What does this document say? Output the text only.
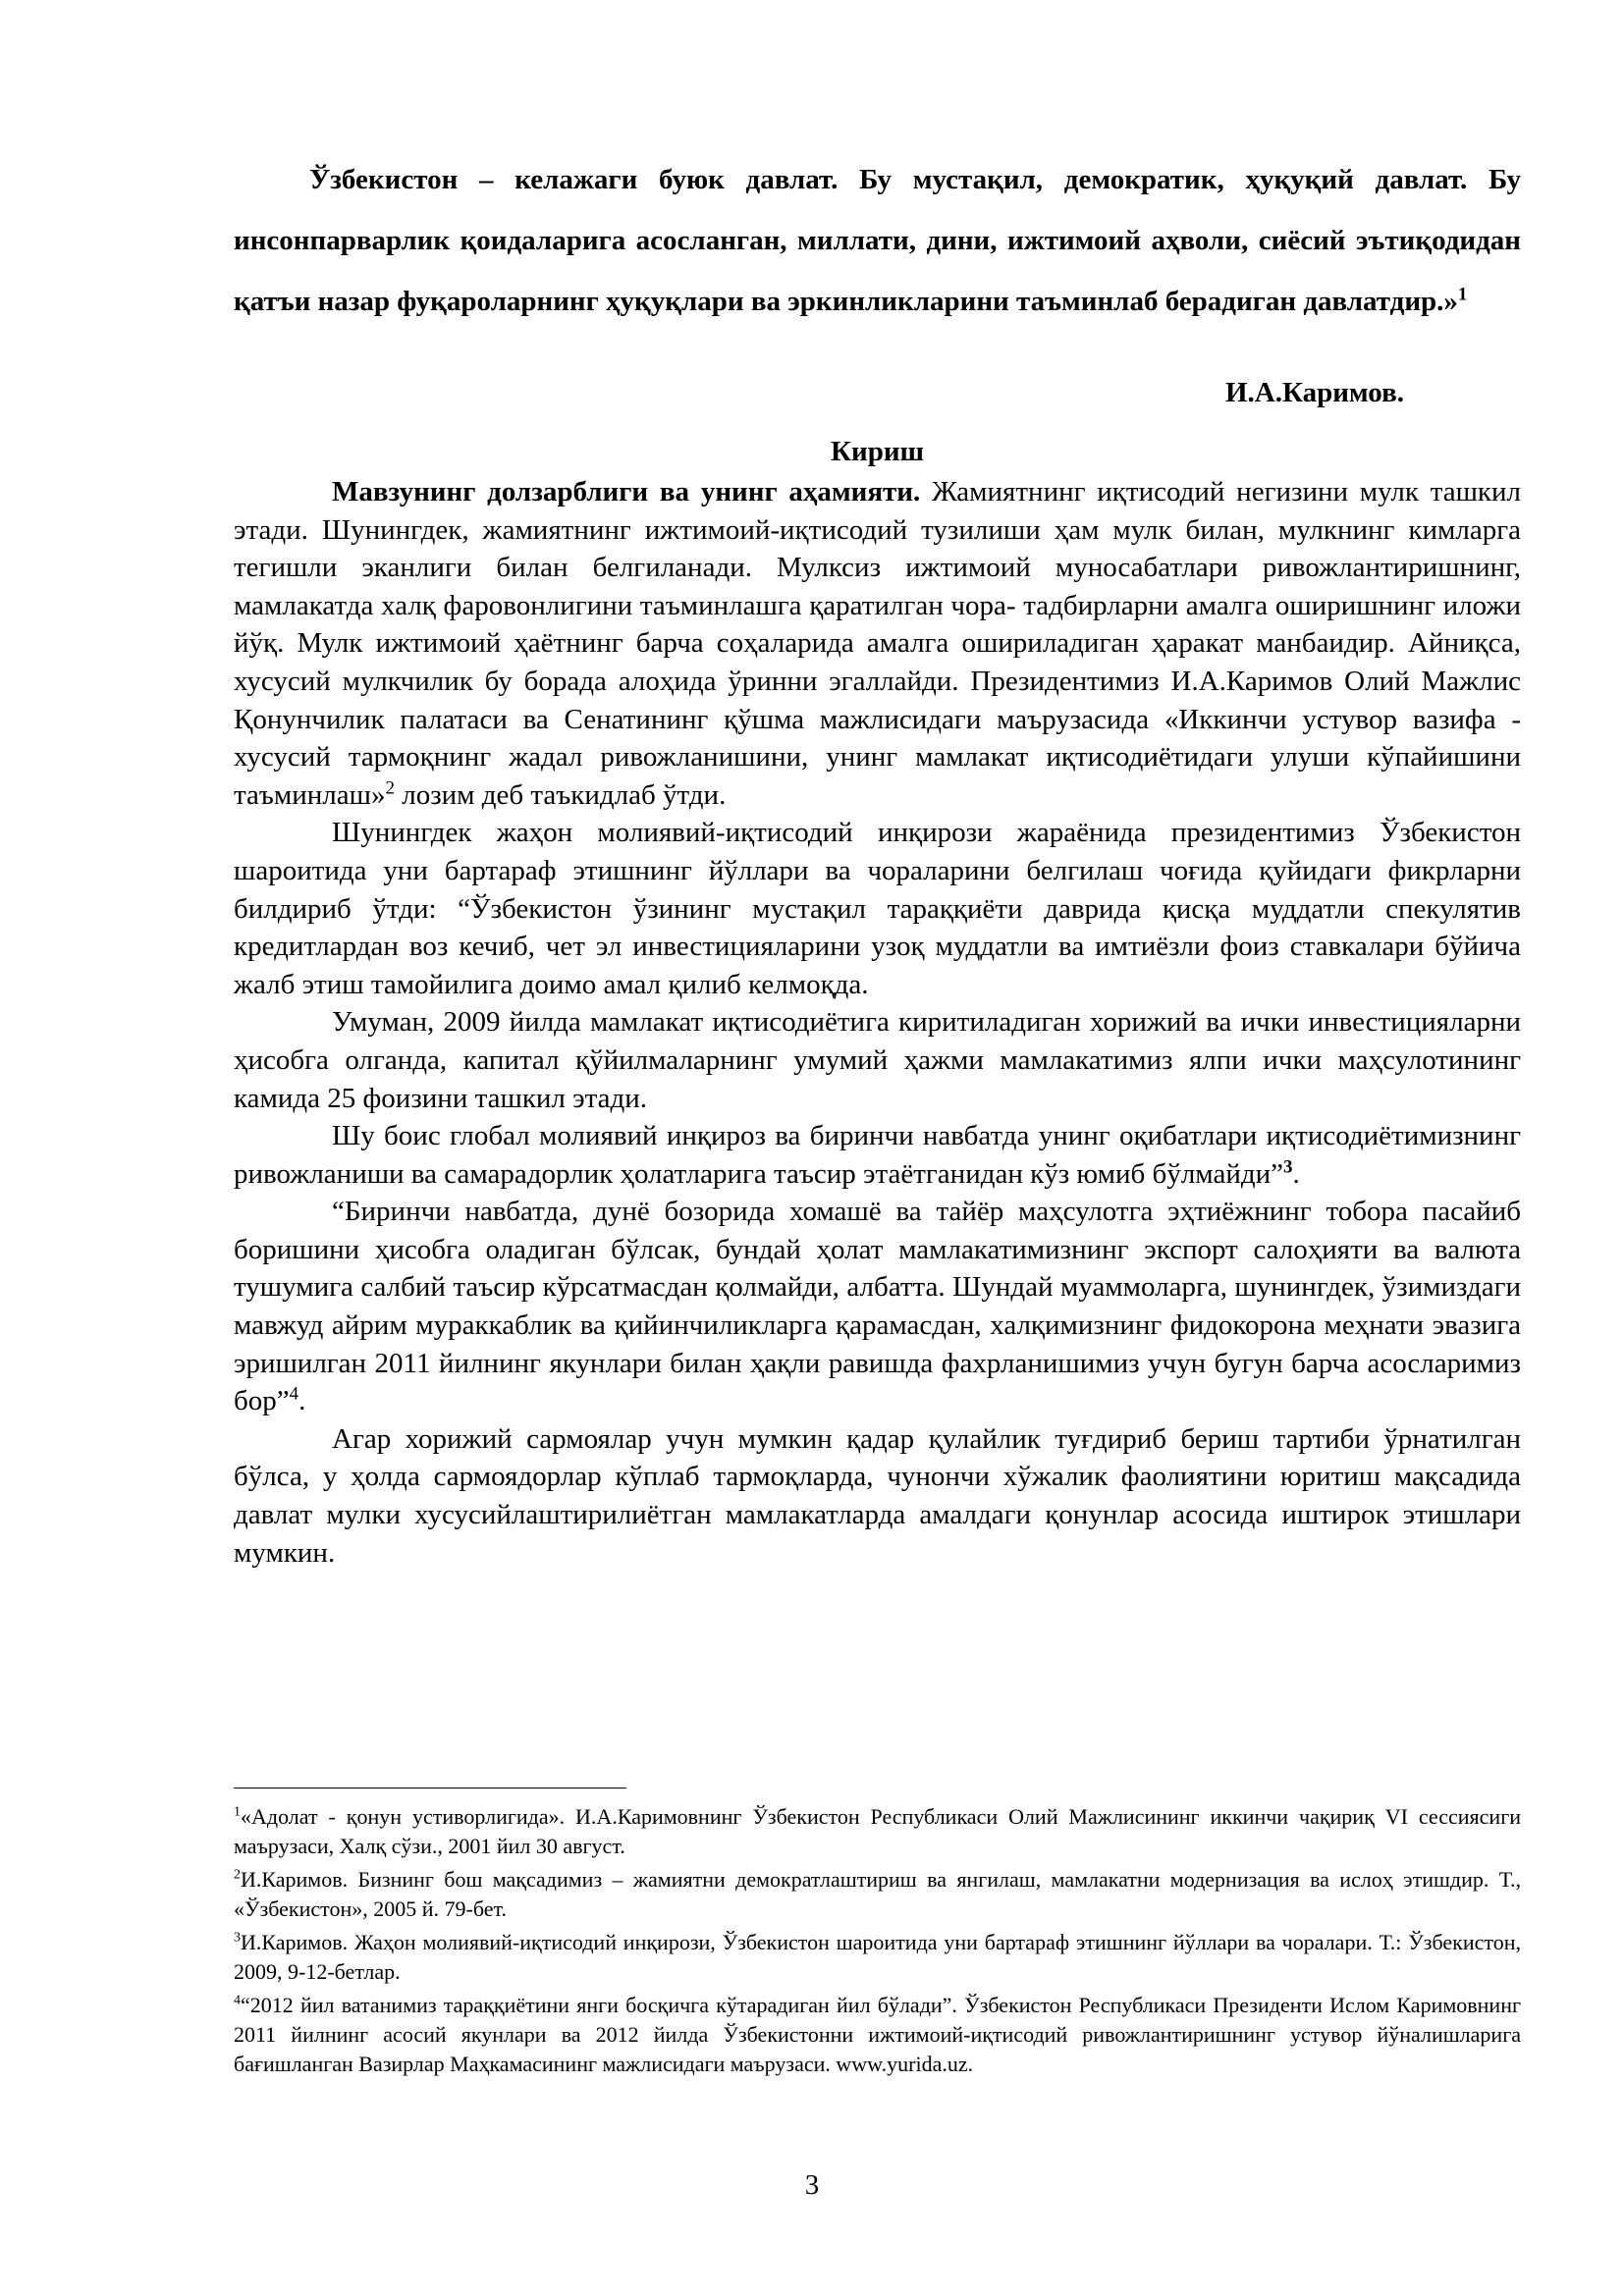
Ўзбекистон – келажаги буюк давлат. Бу мустақил, демократик, ҳуқуқий давлат. Бу инсонпарварлик қоидаларига асосланган, миллати, дини, ижтимоий аҳволи, сиёсий эътиқодидан қатъи назар фуқароларнинг ҳуқуқлари ва эркинликларини таъминлаб берадиган давлатдир.»$^1$

И.А.Каримов.

Кириш

Мавзунинг долзарблиги ва унинг аҳамияти. Жамиятнинг иқтисодий негизини мулк ташкил этади. Шунингдек, жамиятнинг ижтимоий-иқтисодий тузилиши ҳам мулк билан, мулкнинг кимларга тегишли эканлиги билан белгиланади. Мулксиз ижтимоий муносабатлари ривожлантиришнинг, мамлакатда халқ фаровонлигини таъминлашга қаратилган чора- тадбирларни амалга оширишнинг иложи йўқ. Мулк ижтимоий ҳаётнинг барча соҳаларида амалга ошириладиган ҳаракат манбаидир. Айниқса, хусусий мулкчилик бу борада алоҳида ўринни эгаллайди. Президентимиз И.А.Каримов Олий Мажлис Қонунчилик палатаси ва Сенатининг қўшма мажлисидаги маърузасида «Иккинчи устувор вазифа - хусусий тармоқнинг жадал ривожланишини, унинг мамлакат иқтисодиётидаги улуши кўпайишини таъминлаш»$^2$ лозим деб таъкидлаб ўтди.

Шунингдек жаҳон молиявий-иқтисодий инқирози жараёнида президентимиз Ўзбекистон шароитида уни бартараф этишнинг йўллари ва чораларини белгилаш чоғида қуйидаги фикрларни билдириб ўтди: “Ўзбекистон ўзининг мустақил тараққиёти даврида қисқа муддатли спекулятив кредитлардан воз кечиб, чет эл инвестицияларини узоқ муддатли ва имтиёзли фоиз ставкалари бўйича жалб этиш тамойилига доимо амал қилиб келмоқда.

Умуман, 2009 йилда мамлакат иқтисодиётига киритиладиган хорижий ва ички инвестицияларни ҳисобга олганда, капитал қўйилмаларнинг умумий ҳажми мамлакатимиз ялпи ички маҳсулотининг камида 25 фоизини ташкил этади.

Шу боис глобал молиявий инқироз ва биринчи навбатда унинг оқибатлари иқтисодиётимизнинг ривожланиши ва самарадорлик ҳолатларига таъсир этаётганидан кўз юмиб бўлмайди”$^3$.

“Биринчи навбатда, дунё бозорида хомашё ва тайёр маҳсулотга эҳтиёжнинг тобора пасайиб боришини ҳисобга оладиган бўлсак, бундай ҳолат мамлакатимизнинг экспорт салоҳияти ва валюта тушумига салбий таъсир кўрсатмасдан қолмайди, албатта. Шундай муаммоларга, шунингдек, ўзимиздаги мавжуд айрим мураккаблик ва қийинчиликларга қарамасдан, халқимизнинг фидокорона меҳнати эвазига эришилган 2011 йилнинг якунлари билан ҳақли равишда фахрланишимиз учун бугун барча асосларимиз бор”$^4$.

Агар хорижий сармоялар учун мумкин қадар қулайлик туғдириб бериш тартиби ўрнатилган бўлса, у ҳолда сармоядорлар кўплаб тармоқларда, чунончи хўжалик фаолиятини юритиш мақсадида давлат мулки хусусийлаштирилиётган мамлакатларда амалдаги қонунлар асосида иштирок этишлари мумкин.

$^1$«Адолат - қонун устиворлигида». И.А.Каримовнинг Ўзбекистон Республикаси Олий Мажлисининг иккинчи чақириқ VI сессиясиги маърузаси, Халқ сўзи., 2001 йил 30 август.

$^2$И.Каримов. Бизнинг бош мақсадимиз – жамиятни демократлаштириш ва янгилаш, мамлакатни модернизация ва ислоҳ этишдир. Т., «Ўзбекистон», 2005 й. 79-бет.

$^3$И.Каримов. Жаҳон молиявий-иқтисодий инқирози, Ўзбекистон шароитида уни бартараф этишнинг йўллари ва чоралари. Т.: Ўзбекистон, 2009, 9-12-бетлар.

$^4$“2012 йил ватанимиз тараққиётини янги босқичга кўтарадиган йил бўлади”. Ўзбекистон Республикаси Президенти Ислом Каримовнинг 2011 йилнинг асосий якунлари ва 2012 йилда Ўзбекистонни ижтимоий-иқтисодий ривожлантиришнинг устувор йўналишларига бағишланган Вазирлар Маҳкамасининг мажлисидаги маърузаси. www.yurida.uz.

3
